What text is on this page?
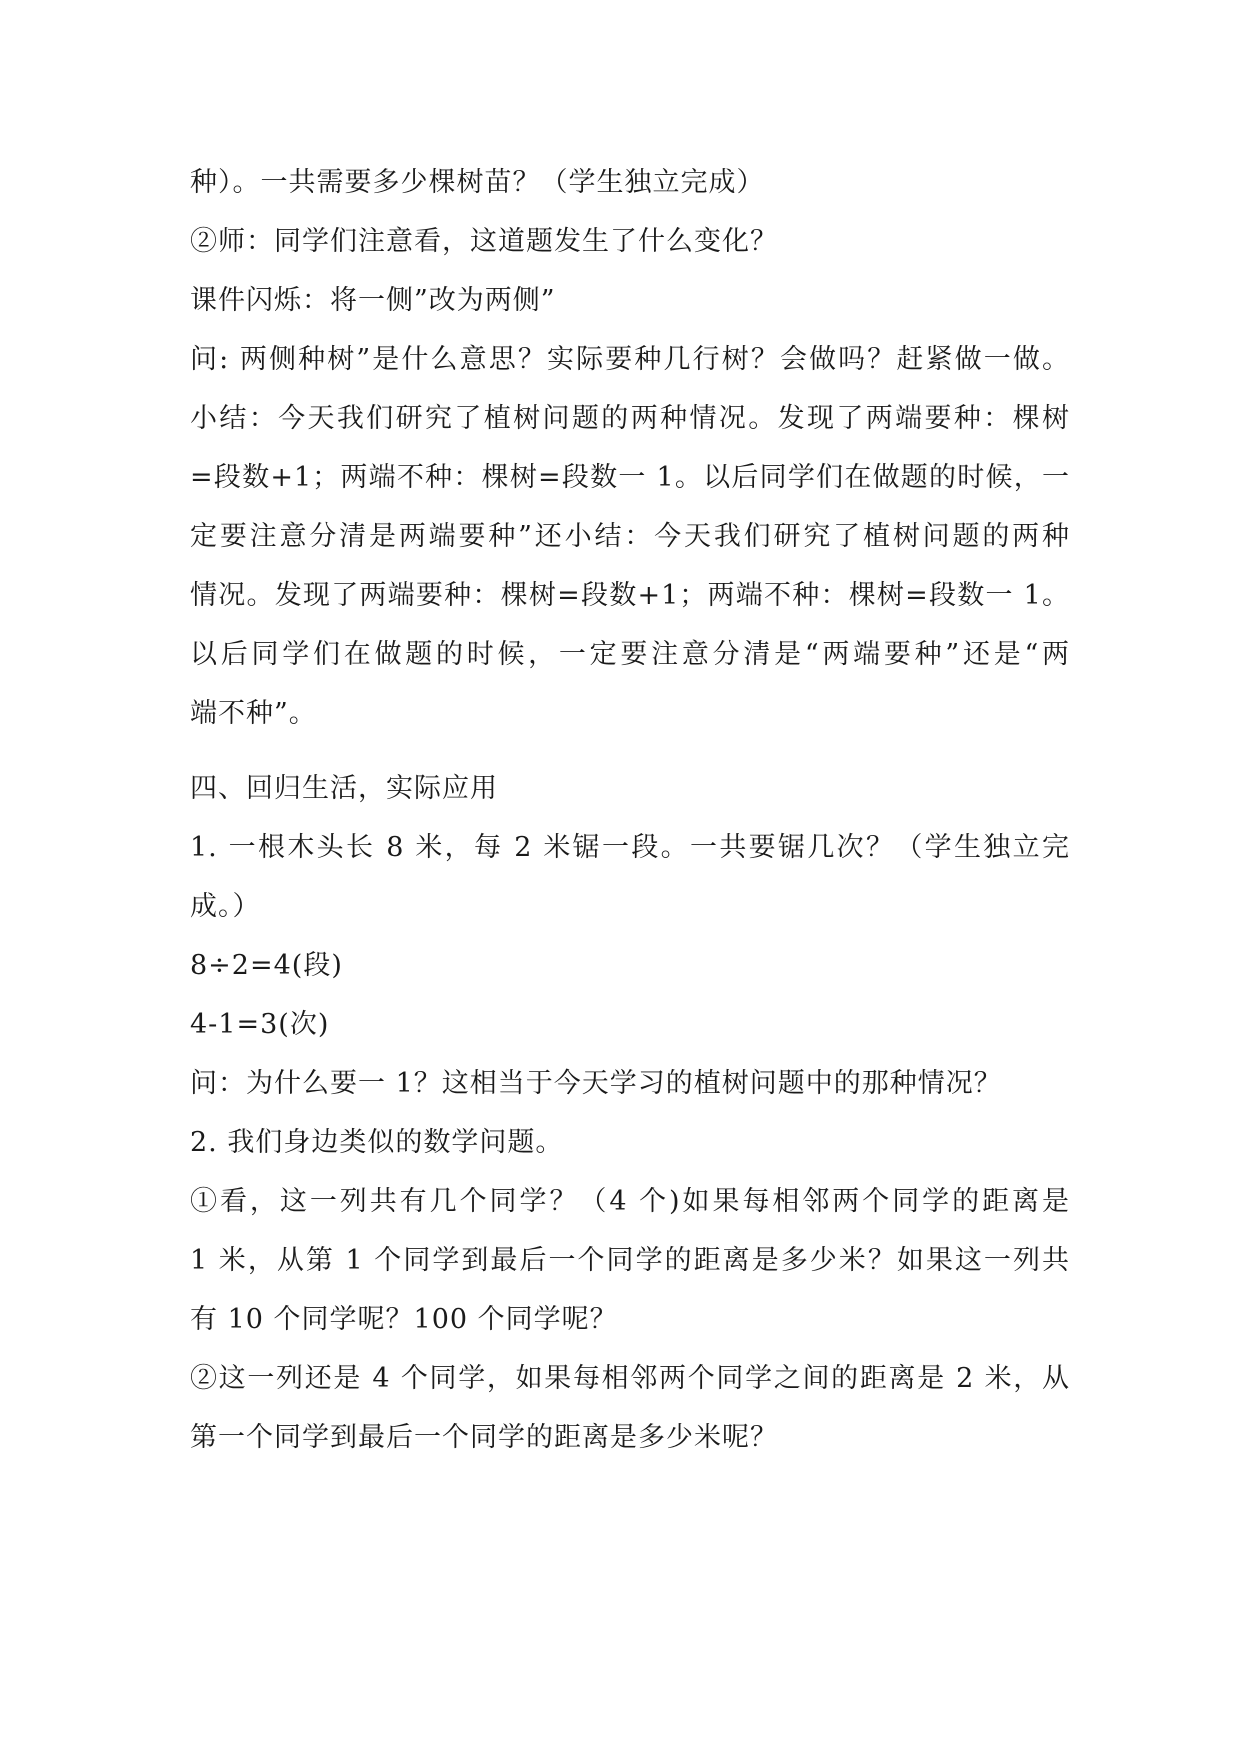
种）。一共需要多少棵树苗？（学生独立完成）
②师：同学们注意看，这道题发生了什么变化？
课件闪烁：将一侧”改为两侧”
问: 两侧种树”是什么意思？实际要种几行树？会做吗？赶紧做一做。
小结：今天我们研究了植树问题的两种情况。发现了两端要种：棵树
=段数+1；两端不种：棵树=段数一 1。以后同学们在做题的时候，一
定要注意分清是两端要种”还小结：今天我们研究了植树问题的两种
情况。发现了两端要种：棵树=段数+1；两端不种：棵树=段数一 1。
以后同学们在做题的时候，一定要注意分清是“两端要种”还是“两
端不种”。
四、回归生活，实际应用
1. 一根木头长 8 米，每 2 米锯一段。一共要锯几次？（学生独立完
成。）
8÷2=4(段)
4-1=3(次)
问：为什么要一 1？这相当于今天学习的植树问题中的那种情况？
2. 我们身边类似的数学问题。
①看，这一列共有几个同学？（4 个)如果每相邻两个同学的距离是
1 米，从第 1 个同学到最后一个同学的距离是多少米？如果这一列共
有 10 个同学呢？100 个同学呢？
②这一列还是 4 个同学，如果每相邻两个同学之间的距离是 2 米，从
第一个同学到最后一个同学的距离是多少米呢？
